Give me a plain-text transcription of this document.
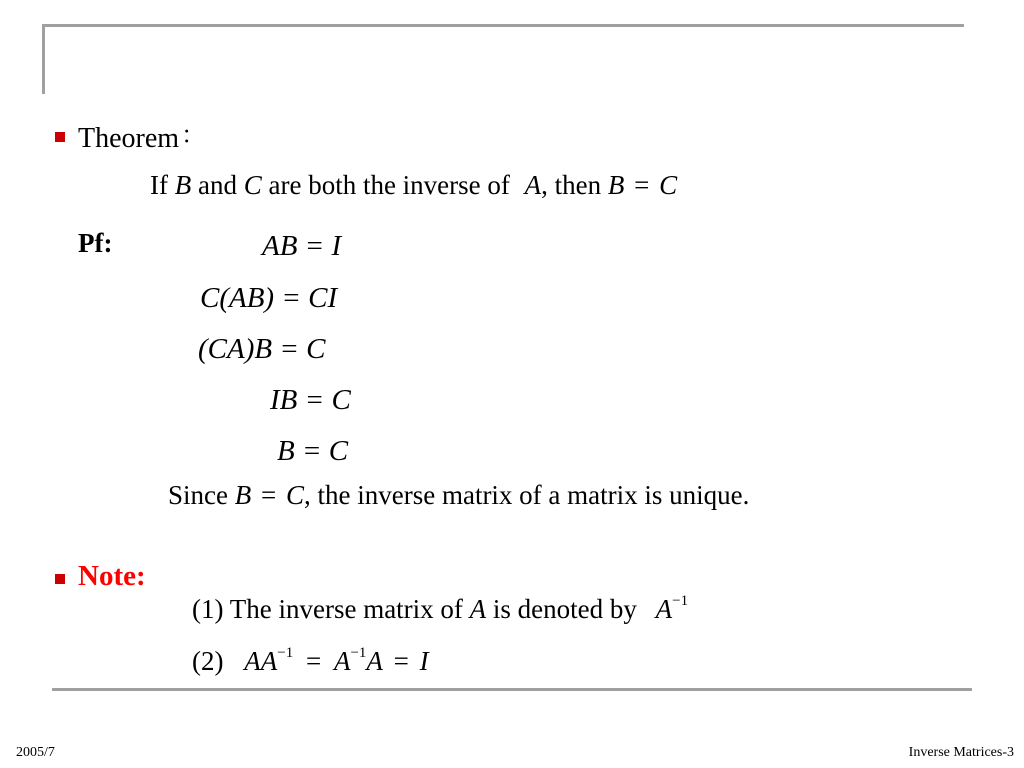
Theorem：
If B and C are both the inverse of A, then B = C
Pf:	AB = I
C(AB) = CI
(CA)B = C
IB = C
B = C
Since B = C, the inverse matrix of a matrix is unique.
Note:
(1) The inverse matrix of A is denoted by $A^{-1}$
(2) $AA^{-1} = A^{-1}A = I$
2005/7	Inverse Matrices-3
